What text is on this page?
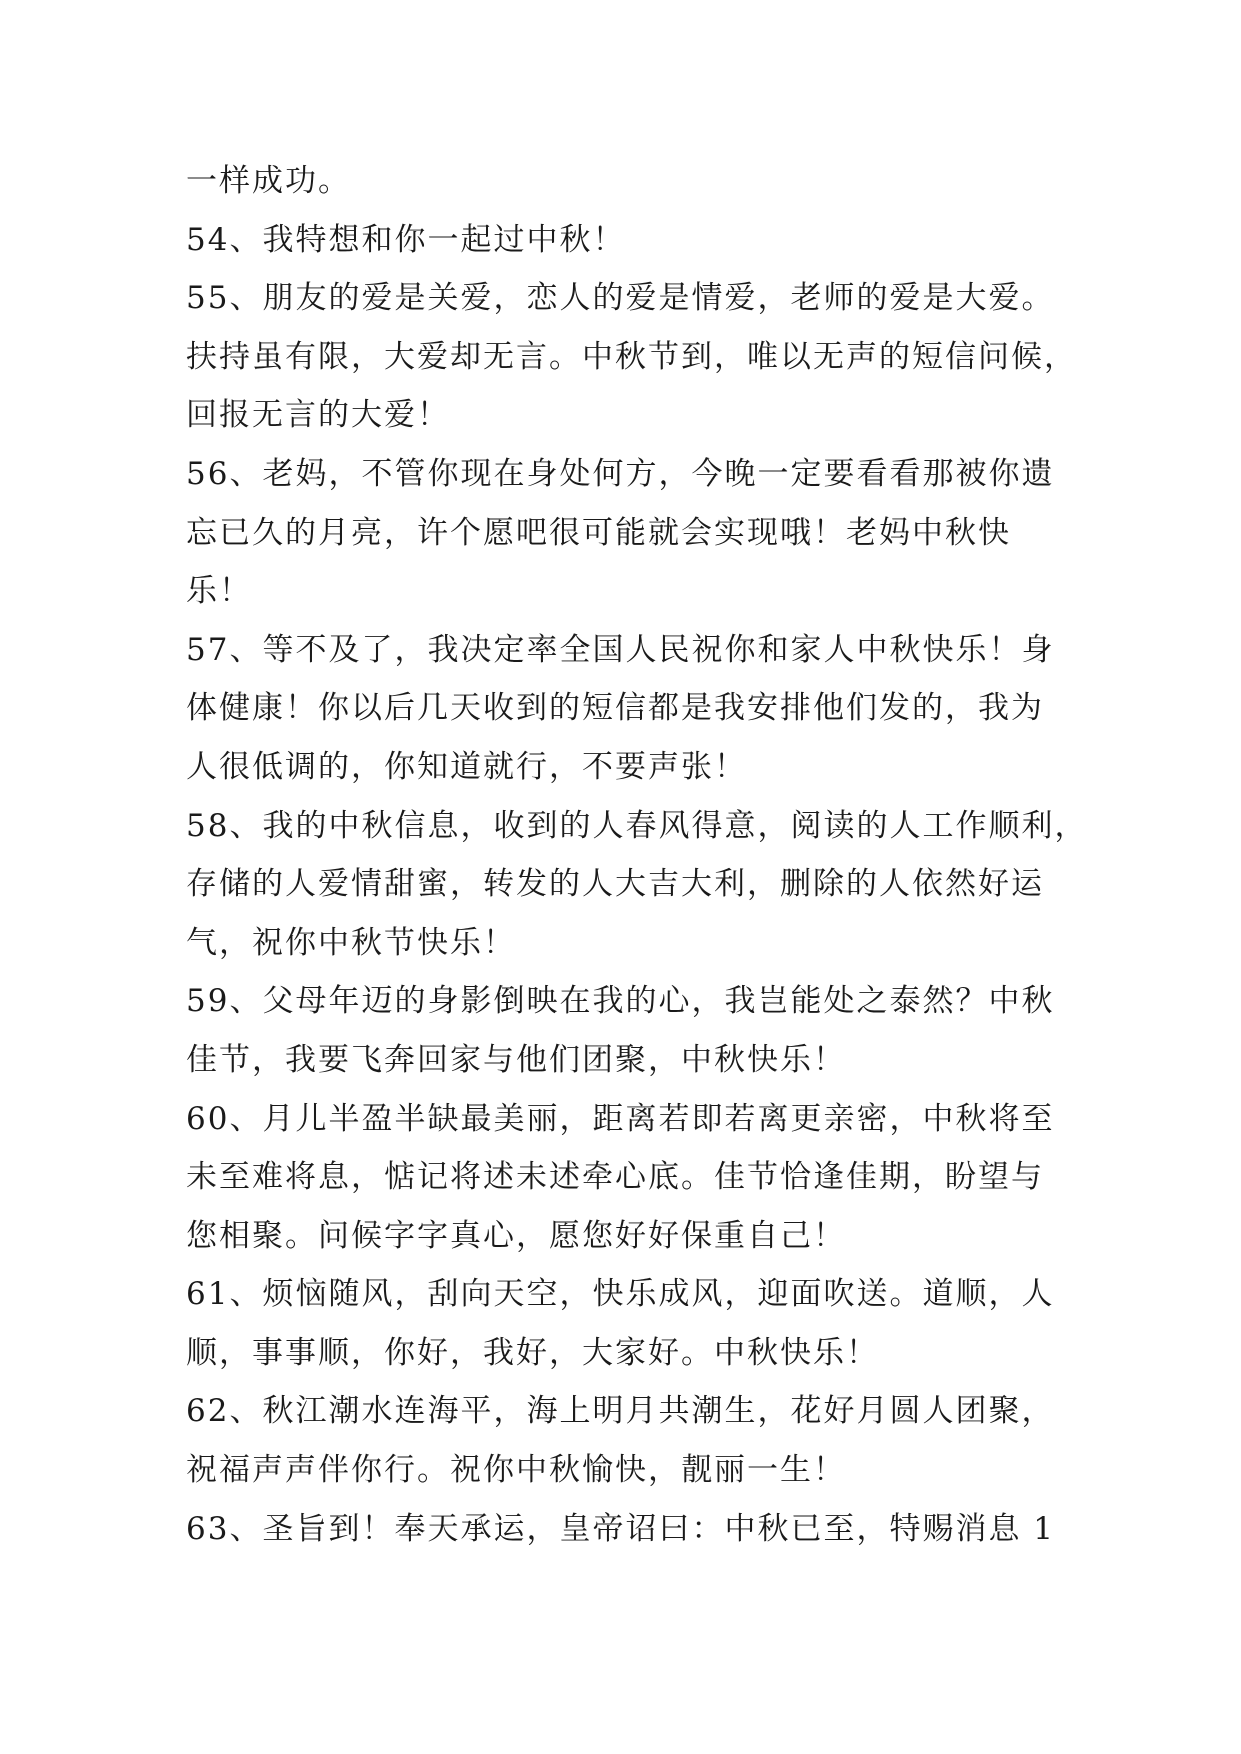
一样成功。
54、我特想和你一起过中秋！
55、朋友的爱是关爱，恋人的爱是情爱，老师的爱是大爱。
扶持虽有限，大爱却无言。中秋节到，唯以无声的短信问候，
回报无言的大爱！
56、老妈，不管你现在身处何方，今晚一定要看看那被你遗
忘已久的月亮，许个愿吧很可能就会实现哦！老妈中秋快
乐！
57、等不及了，我决定率全国人民祝你和家人中秋快乐！身
体健康！你以后几天收到的短信都是我安排他们发的，我为
人很低调的，你知道就行，不要声张！
58、我的中秋信息，收到的人春风得意，阅读的人工作顺利，
存储的人爱情甜蜜，转发的人大吉大利，删除的人依然好运
气，祝你中秋节快乐！
59、父母年迈的身影倒映在我的心，我岂能处之泰然？中秋
佳节，我要飞奔回家与他们团聚，中秋快乐！
60、月儿半盈半缺最美丽，距离若即若离更亲密，中秋将至
未至难将息，惦记将述未述牵心底。佳节恰逢佳期，盼望与
您相聚。问候字字真心，愿您好好保重自己！
61、烦恼随风，刮向天空，快乐成风，迎面吹送。道顺，人
顺，事事顺，你好，我好，大家好。中秋快乐！
62、秋江潮水连海平，海上明月共潮生，花好月圆人团聚，
祝福声声伴你行。祝你中秋愉快，靓丽一生！
63、圣旨到！奉天承运，皇帝诏曰：中秋已至，特赐消息 1
